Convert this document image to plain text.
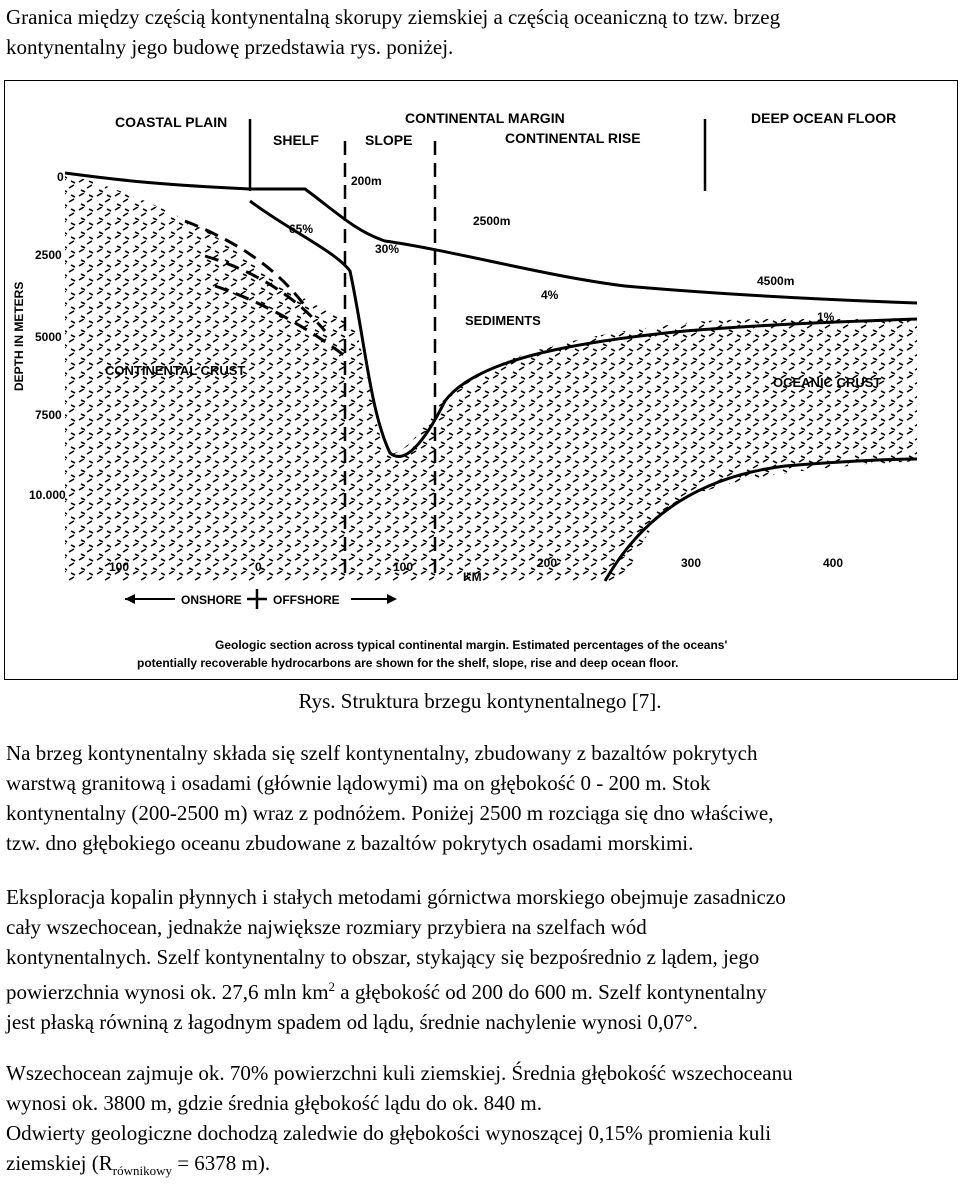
Granica między częścią kontynentalną skorupy ziemskiej a częścią oceaniczną to tzw. brzeg
kontynentalny jego budowę przedstawia rys. poniżej.

COASTAL PLAIN	CONTINENTAL MARGIN	DEEP OCEAN FLOOR
SHELF	SLOPE	CONTINENTAL RISE
DEPTH IN METERS
0
2500
5000
7500
10.000
200m
2500m
4500m
65%
30%
4%
1%
SEDIMENTS
CONTINENTAL CRUST
OCEANIC CRUST
100	0	100	200	300	400
KM
ONSHORE	OFFSHORE
Geologic section across typical continental margin. Estimated percentages of the oceans'
potentially recoverable hydrocarbons are shown for the shelf, slope, rise and deep ocean floor.
Rys. Struktura brzegu kontynentalnego [7].

Na brzeg kontynentalny składa się szelf kontynentalny, zbudowany z bazaltów pokrytych
warstwą granitową i osadami (głównie lądowymi) ma on głębokość 0 - 200 m. Stok
kontynentalny (200-2500 m) wraz z podnóżem. Poniżej 2500 m rozciąga się dno właściwe,
tzw. dno głębokiego oceanu zbudowane z bazaltów pokrytych osadami morskimi.

Eksploracja kopalin płynnych i stałych metodami górnictwa morskiego obejmuje zasadniczo
cały wszechocean, jednakże największe rozmiary przybiera na szelfach wód
kontynentalnych. Szelf kontynentalny to obszar, stykający się bezpośrednio z lądem, jego
powierzchnia wynosi ok. 27,6 mln $km^2$ a głębokość od 200 do 600 m. Szelf kontynentalny
jest płaską równiną z łagodnym spadem od lądu, średnie nachylenie wynosi 0,07°.

Wszechocean zajmuje ok. 70% powierzchni kuli ziemskiej. Średnia głębokość wszechoceanu
wynosi ok. 3800 m, gdzie średnia głębokość lądu do ok. 840 m.

Odwierty geologiczne dochodzą zaledwie do głębokości wynoszącej 0,15% promienia kuli
ziemskiej ($R_{równikowy} = 6378$ m).
